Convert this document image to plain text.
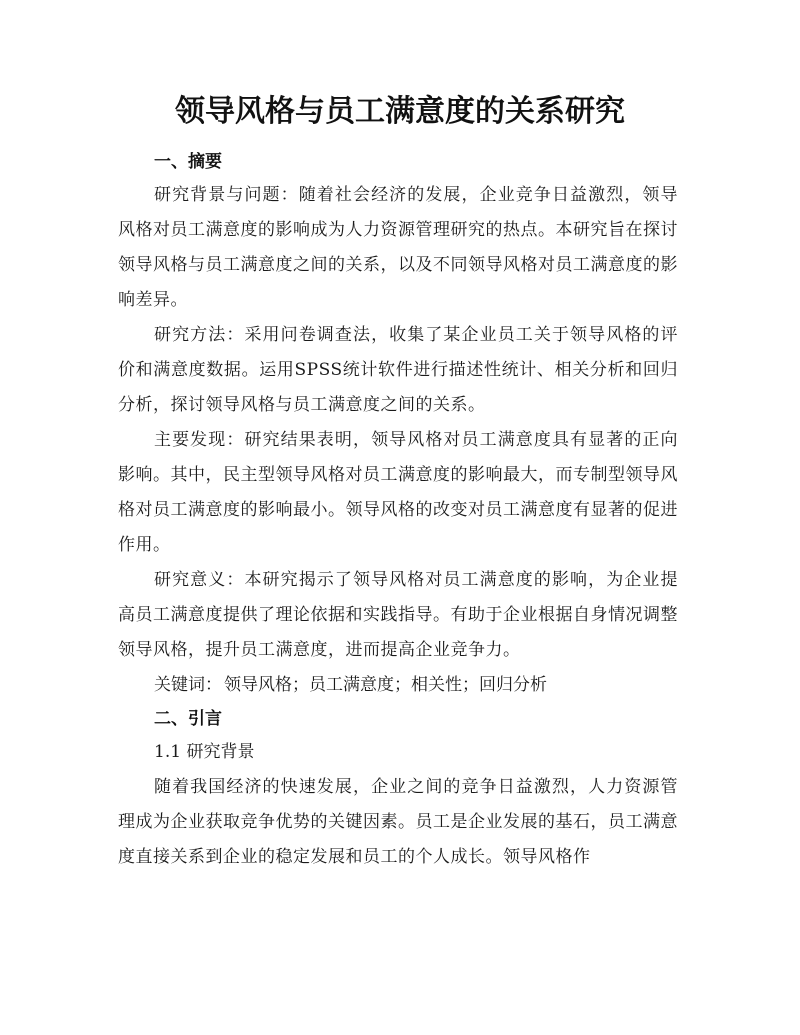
领导风格与员工满意度的关系研究
一、摘要

研究背景与问题：随着社会经济的发展，企业竞争日益激烈，领导风格对员工满意度的影响成为人力资源管理研究的热点。本研究旨在探讨领导风格与员工满意度之间的关系，以及不同领导风格对员工满意度的影响差异。

研究方法：采用问卷调查法，收集了某企业员工关于领导风格的评价和满意度数据。运用SPSS统计软件进行描述性统计、相关分析和回归分析，探讨领导风格与员工满意度之间的关系。

主要发现：研究结果表明，领导风格对员工满意度具有显著的正向影响。其中，民主型领导风格对员工满意度的影响最大，而专制型领导风格对员工满意度的影响最小。领导风格的改变对员工满意度有显著的促进作用。

研究意义：本研究揭示了领导风格对员工满意度的影响，为企业提高员工满意度提供了理论依据和实践指导。有助于企业根据自身情况调整领导风格，提升员工满意度，进而提高企业竞争力。

关键词： 领导风格；员工满意度；相关性；回归分析

二、引言

1.1 研究背景

随着我国经济的快速发展，企业之间的竞争日益激烈，人力资源管理成为企业获取竞争优势的关键因素。员工是企业发展的基石，员工满意度直接关系到企业的稳定发展和员工的个人成长。领导风格作
